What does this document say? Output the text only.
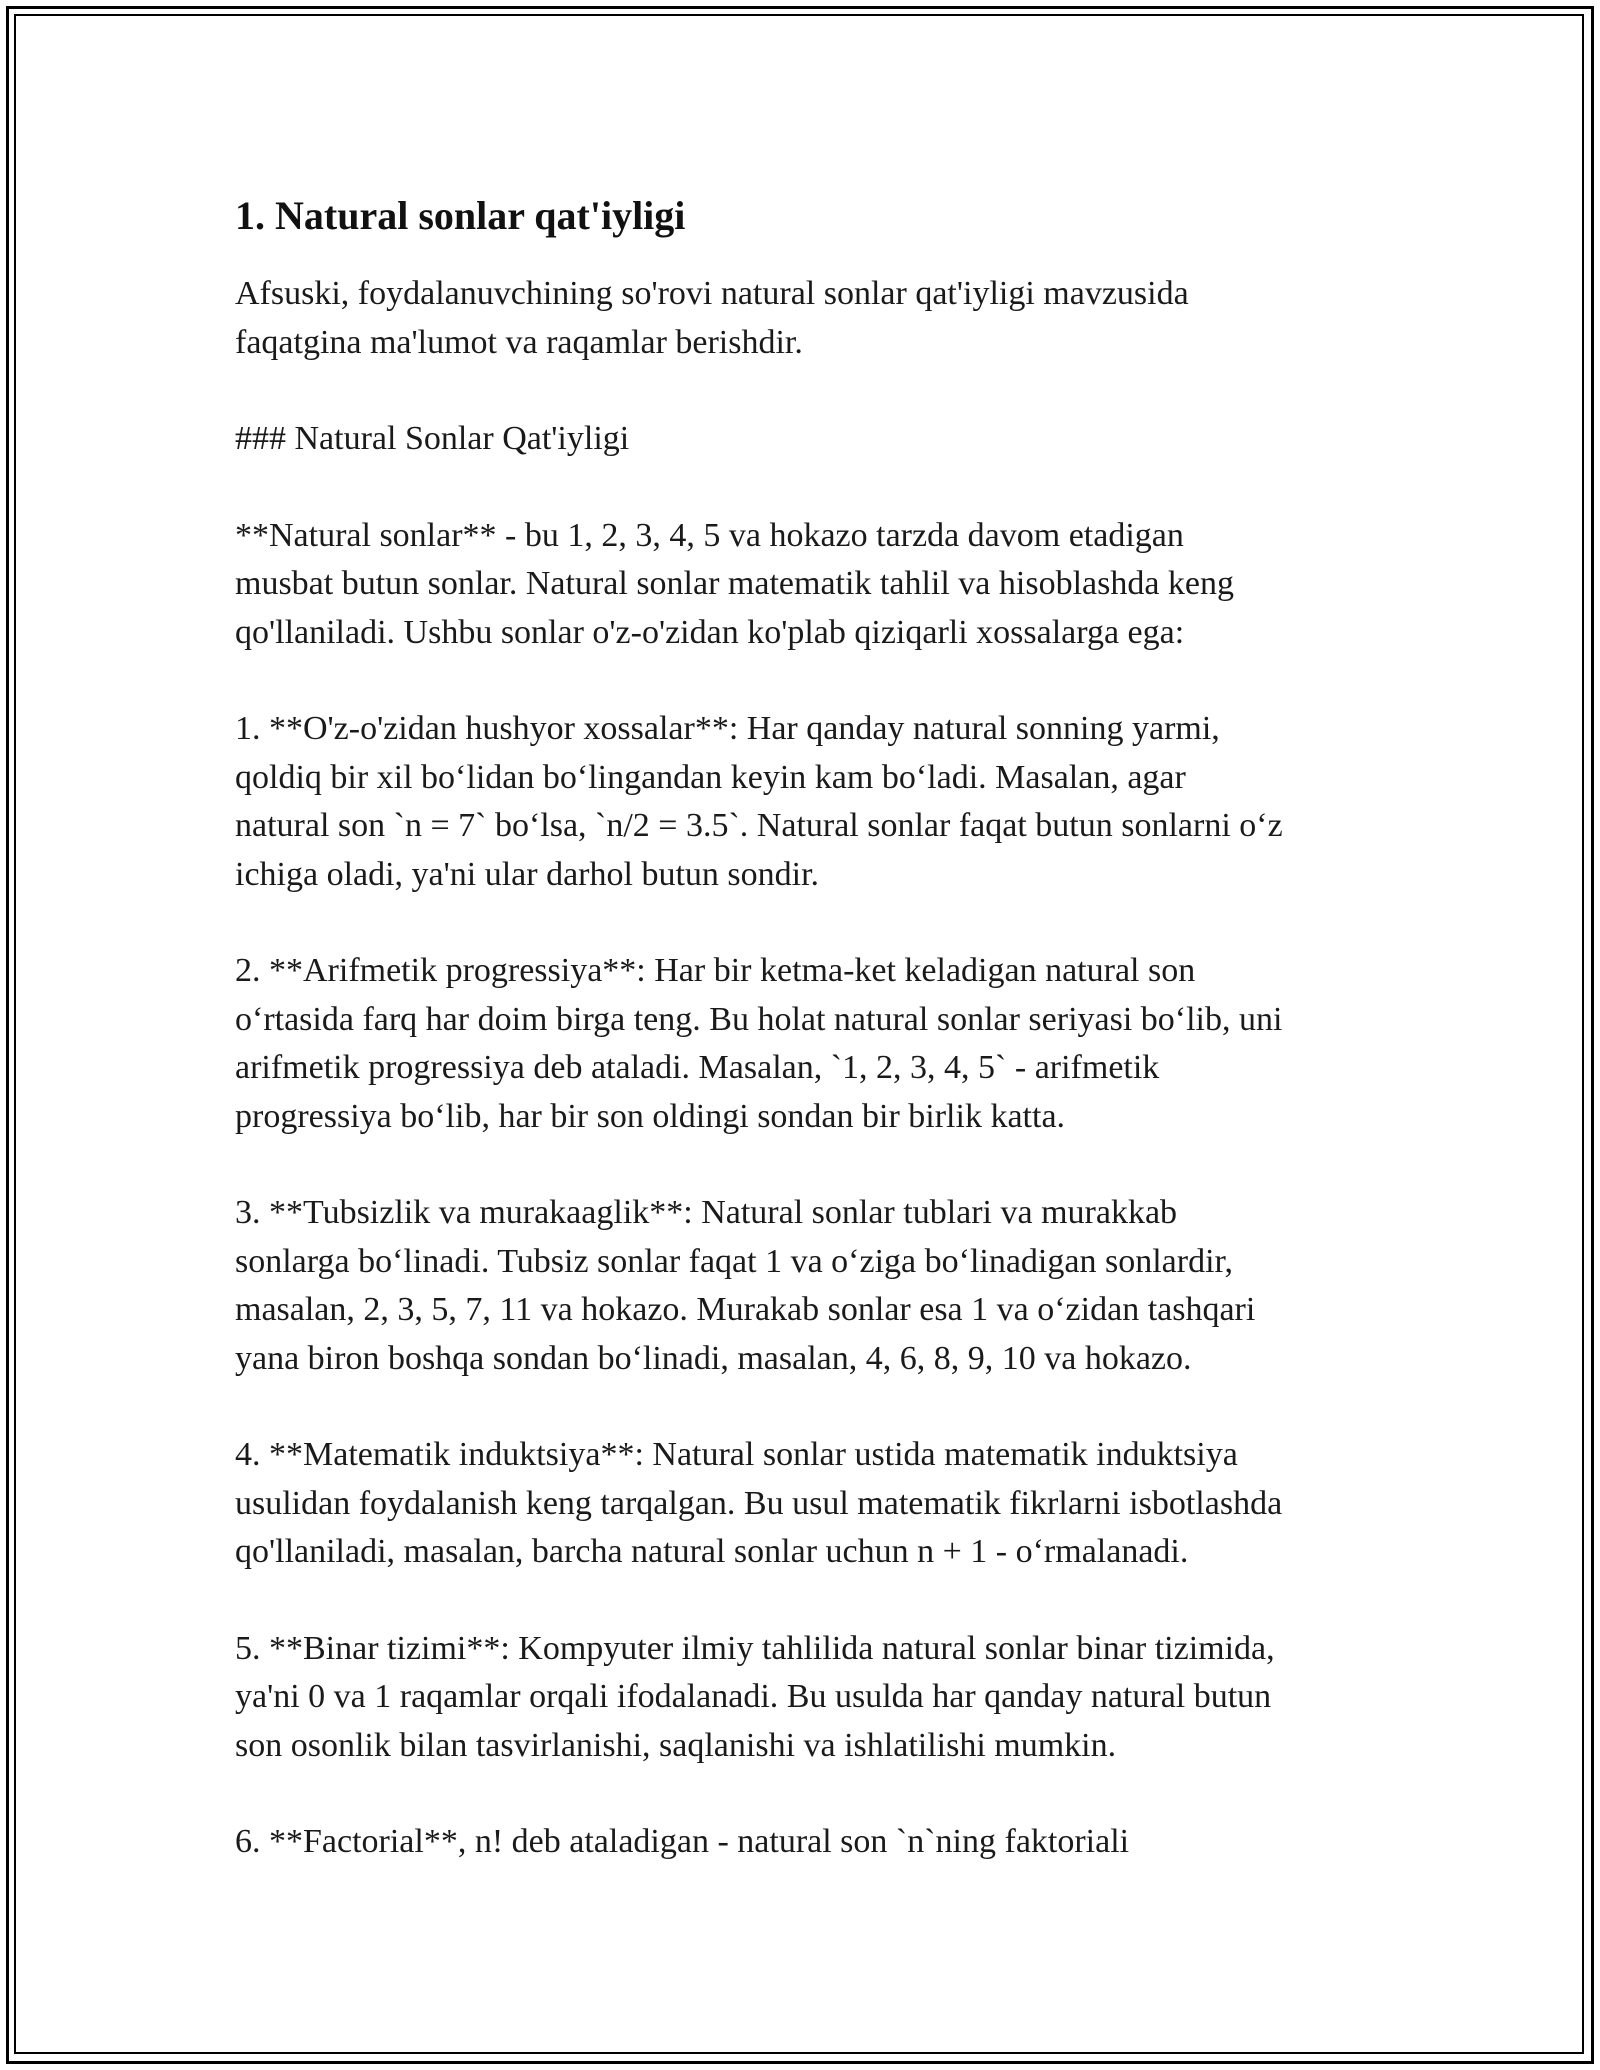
1. Natural sonlar qat'iyligi

Afsuski, foydalanuvchining so'rovi natural sonlar qat'iyligi mavzusida
faqatgina ma'lumot va raqamlar berishdir.

### Natural Sonlar Qat'iyligi

**Natural sonlar** - bu 1, 2, 3, 4, 5 va hokazo tarzda davom etadigan
musbat butun sonlar. Natural sonlar matematik tahlil va hisoblashda keng
qo'llaniladi. Ushbu sonlar o'z-o'zidan ko'plab qiziqarli xossalarga ega:

1. **O'z-o'zidan hushyor xossalar**: Har qanday natural sonning yarmi,
qoldiq bir xil bo‘lidan bo‘lingandan keyin kam bo‘ladi. Masalan, agar
natural son `n = 7` bo‘lsa, `n/2 = 3.5`. Natural sonlar faqat butun sonlarni o‘z
ichiga oladi, ya'ni ular darhol butun sondir.

2. **Arifmetik progressiya**: Har bir ketma-ket keladigan natural son
o‘rtasida farq har doim birga teng. Bu holat natural sonlar seriyasi bo‘lib, uni
arifmetik progressiya deb ataladi. Masalan, `1, 2, 3, 4, 5` - arifmetik
progressiya bo‘lib, har bir son oldingi sondan bir birlik katta.

3. **Tubsizlik va murakaaglik**: Natural sonlar tublari va murakkab
sonlarga bo‘linadi. Tubsiz sonlar faqat 1 va o‘ziga bo‘linadigan sonlardir,
masalan, 2, 3, 5, 7, 11 va hokazo. Murakab sonlar esa 1 va o‘zidan tashqari
yana biron boshqa sondan bo‘linadi, masalan, 4, 6, 8, 9, 10 va hokazo.

4. **Matematik induktsiya**: Natural sonlar ustida matematik induktsiya
usulidan foydalanish keng tarqalgan. Bu usul matematik fikrlarni isbotlashda
qo'llaniladi, masalan, barcha natural sonlar uchun n + 1 - o‘rmalanadi.

5. **Binar tizimi**: Kompyuter ilmiy tahlilida natural sonlar binar tizimida,
ya'ni 0 va 1 raqamlar orqali ifodalanadi. Bu usulda har qanday natural butun
son osonlik bilan tasvirlanishi, saqlanishi va ishlatilishi mumkin.

6. **Factorial**, n! deb ataladigan - natural son `n`ning faktoriali
